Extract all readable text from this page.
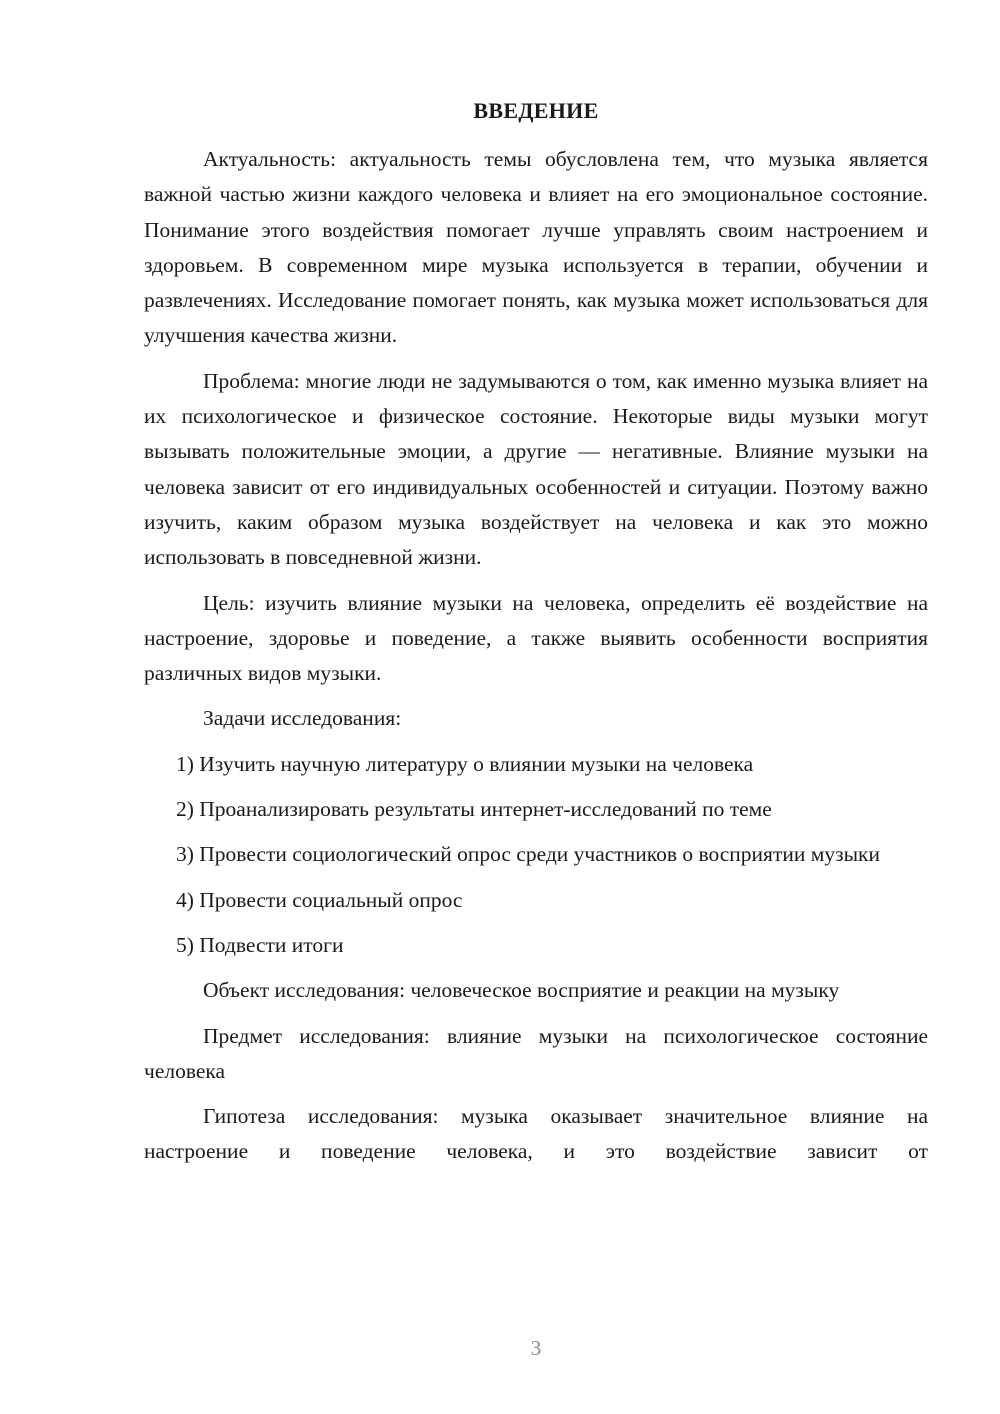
ВВЕДЕНИЕ

Актуальность: актуальность темы обусловлена тем, что музыка является важной частью жизни каждого человека и влияет на его эмоциональное состояние. Понимание этого воздействия помогает лучше управлять своим настроением и здоровьем. В современном мире музыка используется в терапии, обучении и развлечениях. Исследование помогает понять, как музыка может использоваться для улучшения качества жизни.

Проблема: многие люди не задумываются о том, как именно музыка влияет на их психологическое и физическое состояние. Некоторые виды музыки могут вызывать положительные эмоции, а другие — негативные. Влияние музыки на человека зависит от его индивидуальных особенностей и ситуации. Поэтому важно изучить, каким образом музыка воздействует на человека и как это можно использовать в повседневной жизни.

Цель: изучить влияние музыки на человека, определить её воздействие на настроение, здоровье и поведение, а также выявить особенности восприятия различных видов музыки.

Задачи исследования:

1) Изучить научную литературу о влиянии музыки на человека

2) Проанализировать результаты интернет-исследований по теме

3) Провести социологический опрос среди участников о восприятии музыки

4) Провести социальный опрос

5) Подвести итоги

Объект исследования: человеческое восприятие и реакции на музыку

Предмет исследования: влияние музыки на психологическое состояние человека

Гипотеза исследования: музыка оказывает значительное влияние на настроение и поведение человека, и это воздействие зависит от

3
